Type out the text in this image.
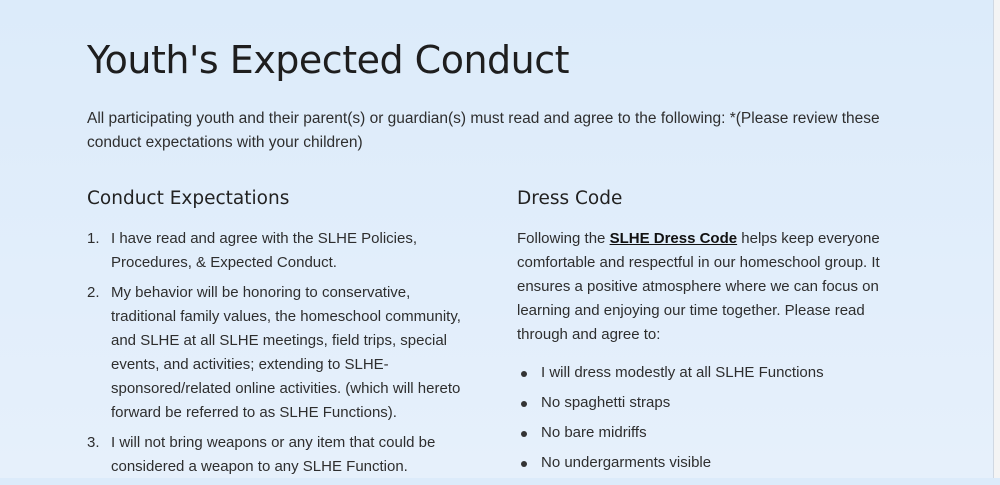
Youth's Expected Conduct

All participating youth and their parent(s) or guardian(s) must read and agree to the following: *(Please review these conduct expectations with your children)

Conduct Expectations
1. I have read and agree with the SLHE Policies, Procedures, & Expected Conduct.
2. My behavior will be honoring to conservative, traditional family values, the homeschool community, and SLHE at all SLHE meetings, field trips, special events, and activities; extending to SLHE-sponsored/related online activities. (which will hereto forward be referred to as SLHE Functions).
3. I will not bring weapons or any item that could be considered a weapon to any SLHE Function.
Dress Code

Following the SLHE Dress Code helps keep everyone comfortable and respectful in our homeschool group. It ensures a positive atmosphere where we can focus on learning and enjoying our time together. Please read through and agree to:

I will dress modestly at all SLHE Functions
No spaghetti straps
No bare midriffs
No undergarments visible
